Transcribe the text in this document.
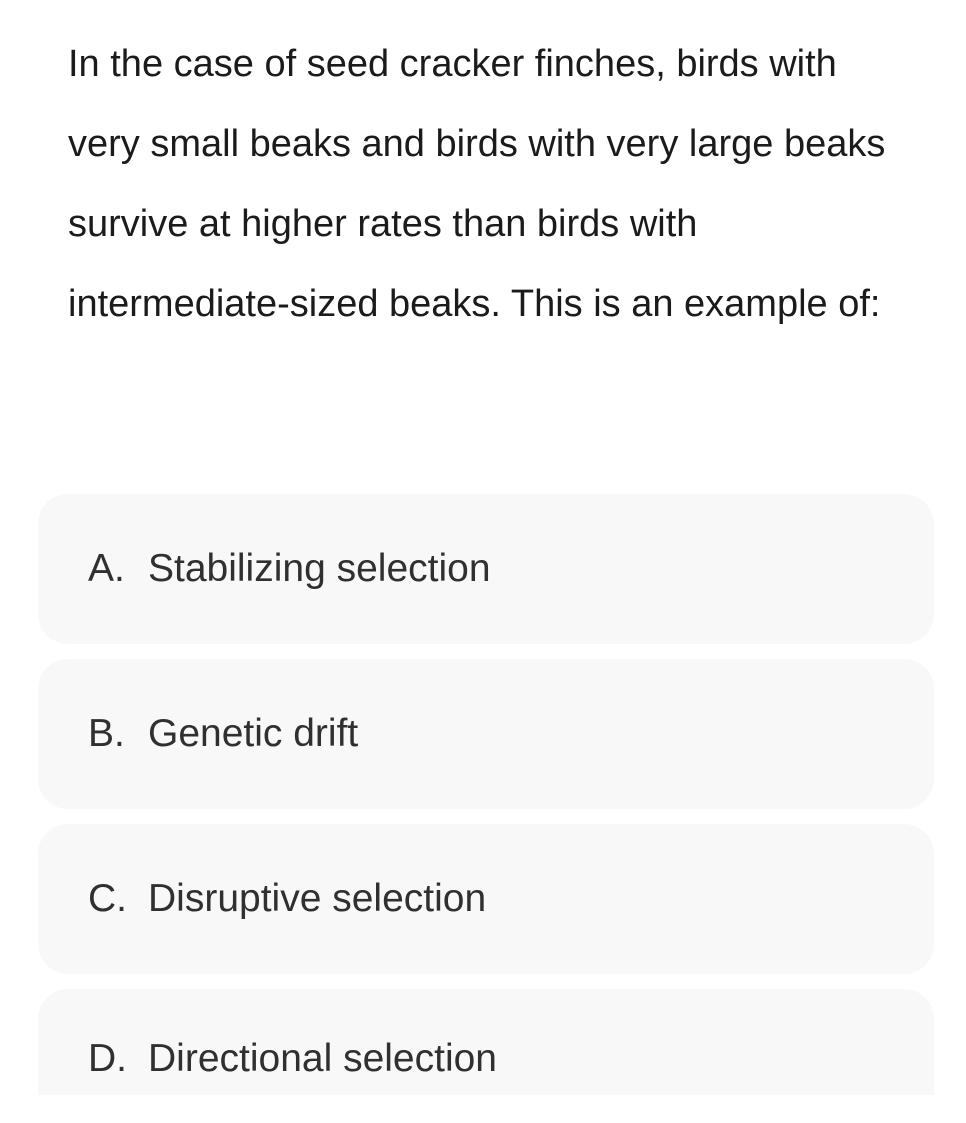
In the case of seed cracker finches, birds with very small beaks and birds with very large beaks survive at higher rates than birds with intermediate-sized beaks. This is an example of:

A. Stabilizing selection
B. Genetic drift
C. Disruptive selection
D. Directional selection
